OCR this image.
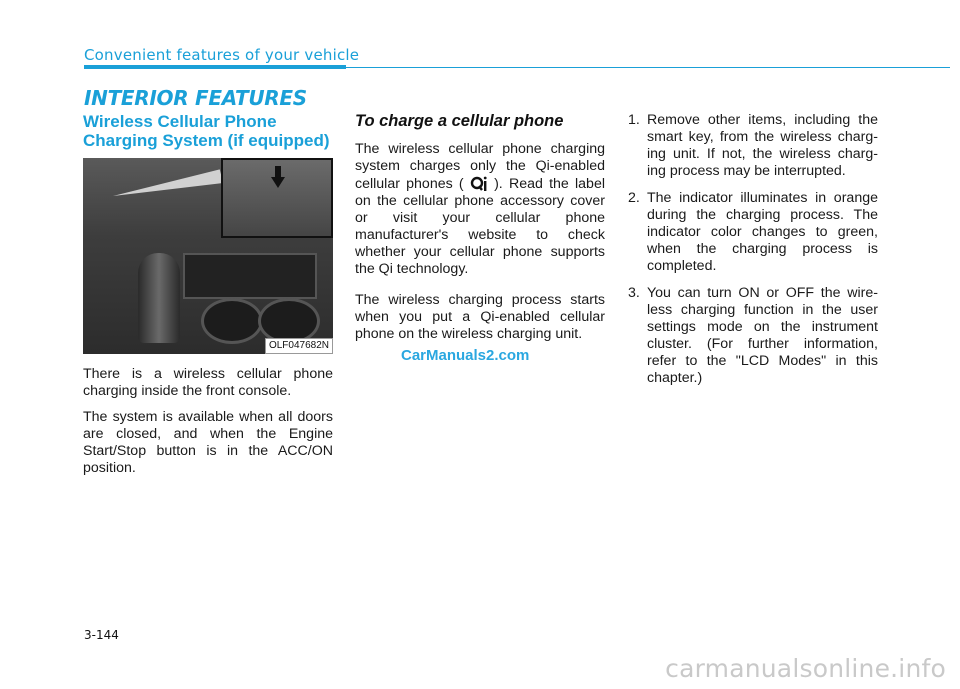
Convenient features of your vehicle
INTERIOR FEATURES
Wireless Cellular Phone Charging System (if equipped)
OLF047682N

There is a wireless cellular phone charging inside the front console.

The system is available when all doors are closed, and when the Engine Start/Stop button is in the ACC/ON position.

To charge a cellular phone

The wireless cellular phone charging system charges only the Qi-enabled cellular phones ( ). Read the label on the cellular phone accessory cover or visit your cellular phone manufacturer's website to check whether your cellular phone supports the Qi technology.

The wireless charging process starts when you put a Qi-enabled cellular phone on the wireless charging unit.

1. Remove other items, including the smart key, from the wireless charg-ing unit. If not, the wireless charg-ing process may be interrupted.
2. The indicator illuminates in orange during the charging process. The indicator color changes to green, when the charging process is completed.
3. You can turn ON or OFF the wire-less charging function in the user settings mode on the instrument cluster. (For further information, refer to the "LCD Modes" in this chapter.)
CarManuals2.com
3-144
carmanualsonline.info
